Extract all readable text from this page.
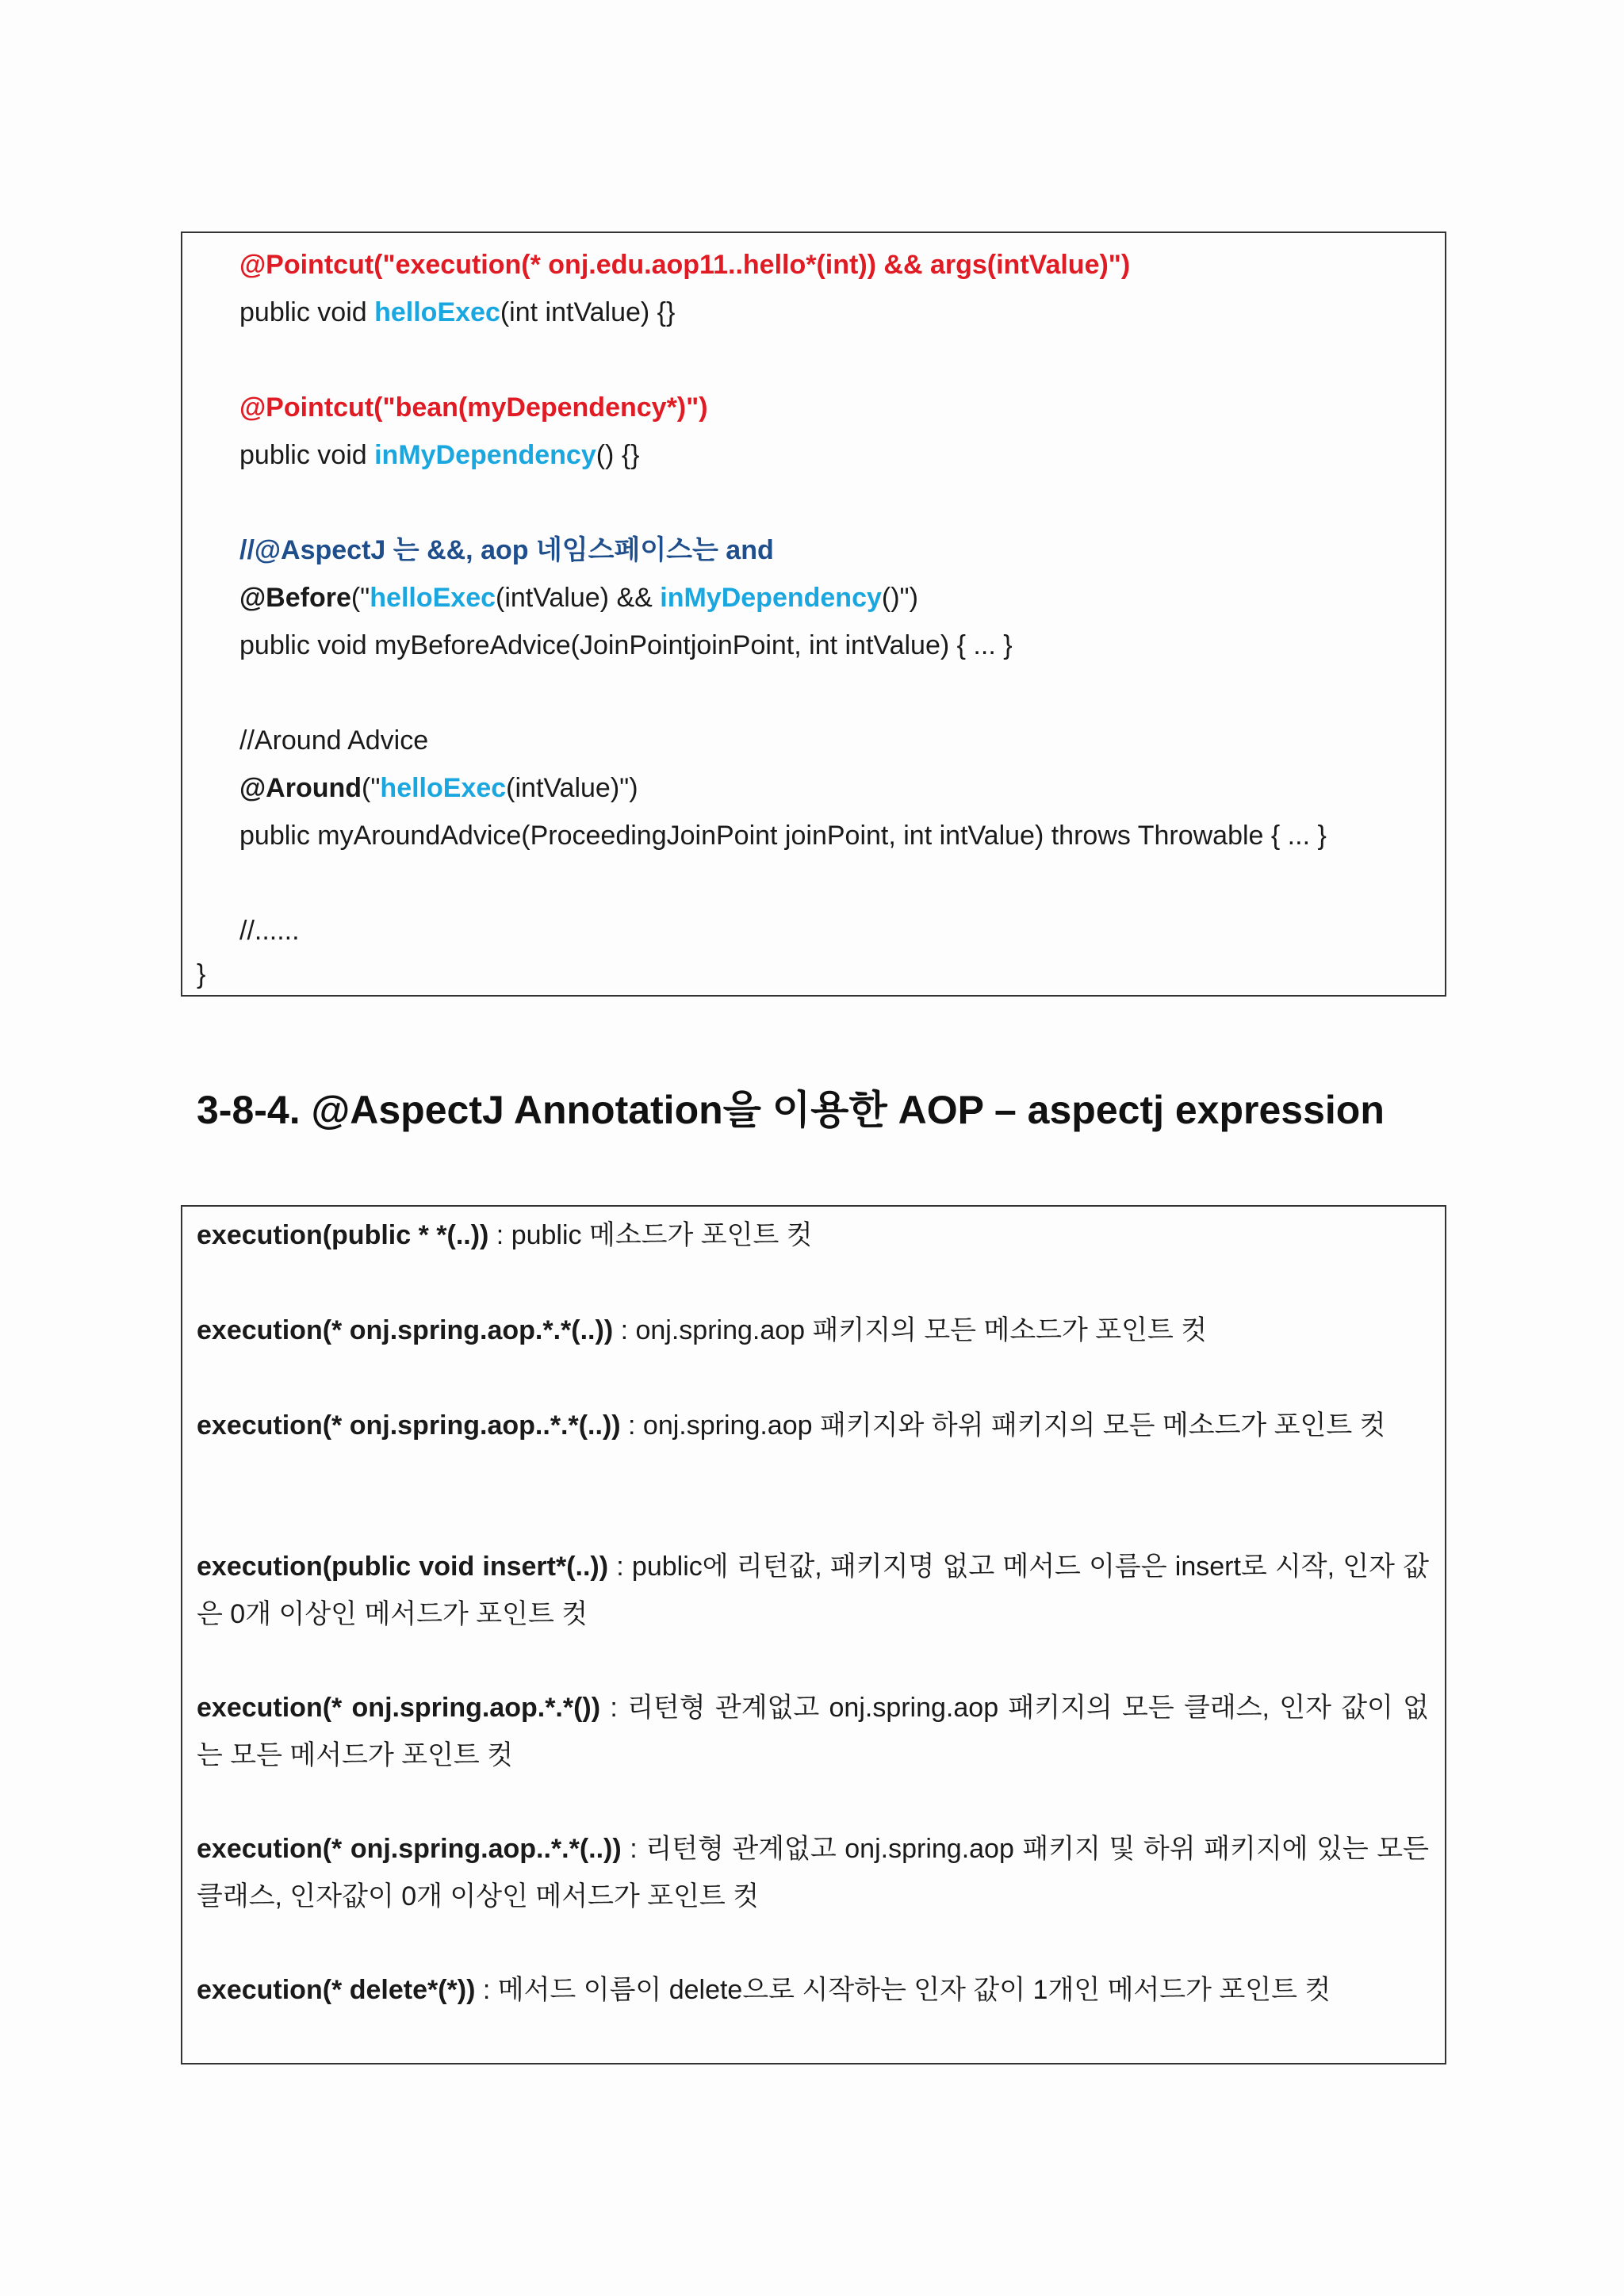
@Pointcut("execution(* onj.edu.aop11..hello*(int)) && args(intValue)")
public void helloExec(int intValue) {}
@Pointcut("bean(myDependency*)")
public void inMyDependency() {}
//@AspectJ 는 &&, aop 네임스페이스는 and
@Before("helloExec(intValue) && inMyDependency()")
public void myBeforeAdvice(JoinPointjoinPoint, int intValue) { ... }
//Around Advice
@Around("helloExec(intValue)")
public myAroundAdvice(ProceedingJoinPoint joinPoint, int intValue) throws Throwable { ... }
//......
}
3-8-4. @AspectJ Annotation을 이용한 AOP – aspectj expression
execution(public * *(..)) : public 메소드가 포인트 컷
execution(* onj.spring.aop.*.*(..)) : onj.spring.aop 패키지의 모든 메소드가 포인트 컷
execution(* onj.spring.aop..*.*(..)) : onj.spring.aop 패키지와 하위 패키지의 모든 메소드가 포인트 컷
execution(public void insert*(..)) : public에 리턴값, 패키지명 없고 메서드 이름은 insert로 시작, 인자 값은 0개 이상인 메서드가 포인트 컷
execution(* onj.spring.aop.*.*()) : 리턴형 관계없고 onj.spring.aop 패키지의 모든 클래스, 인자 값이 없는 모든 메서드가 포인트 컷
execution(* onj.spring.aop..*.*(..)) : 리턴형 관계없고 onj.spring.aop 패키지 및 하위 패키지에 있는 모든 클래스, 인자값이 0개 이상인 메서드가 포인트 컷
execution(* delete*(*)) : 메서드 이름이 delete으로 시작하는 인자 값이 1개인 메서드가 포인트 컷
